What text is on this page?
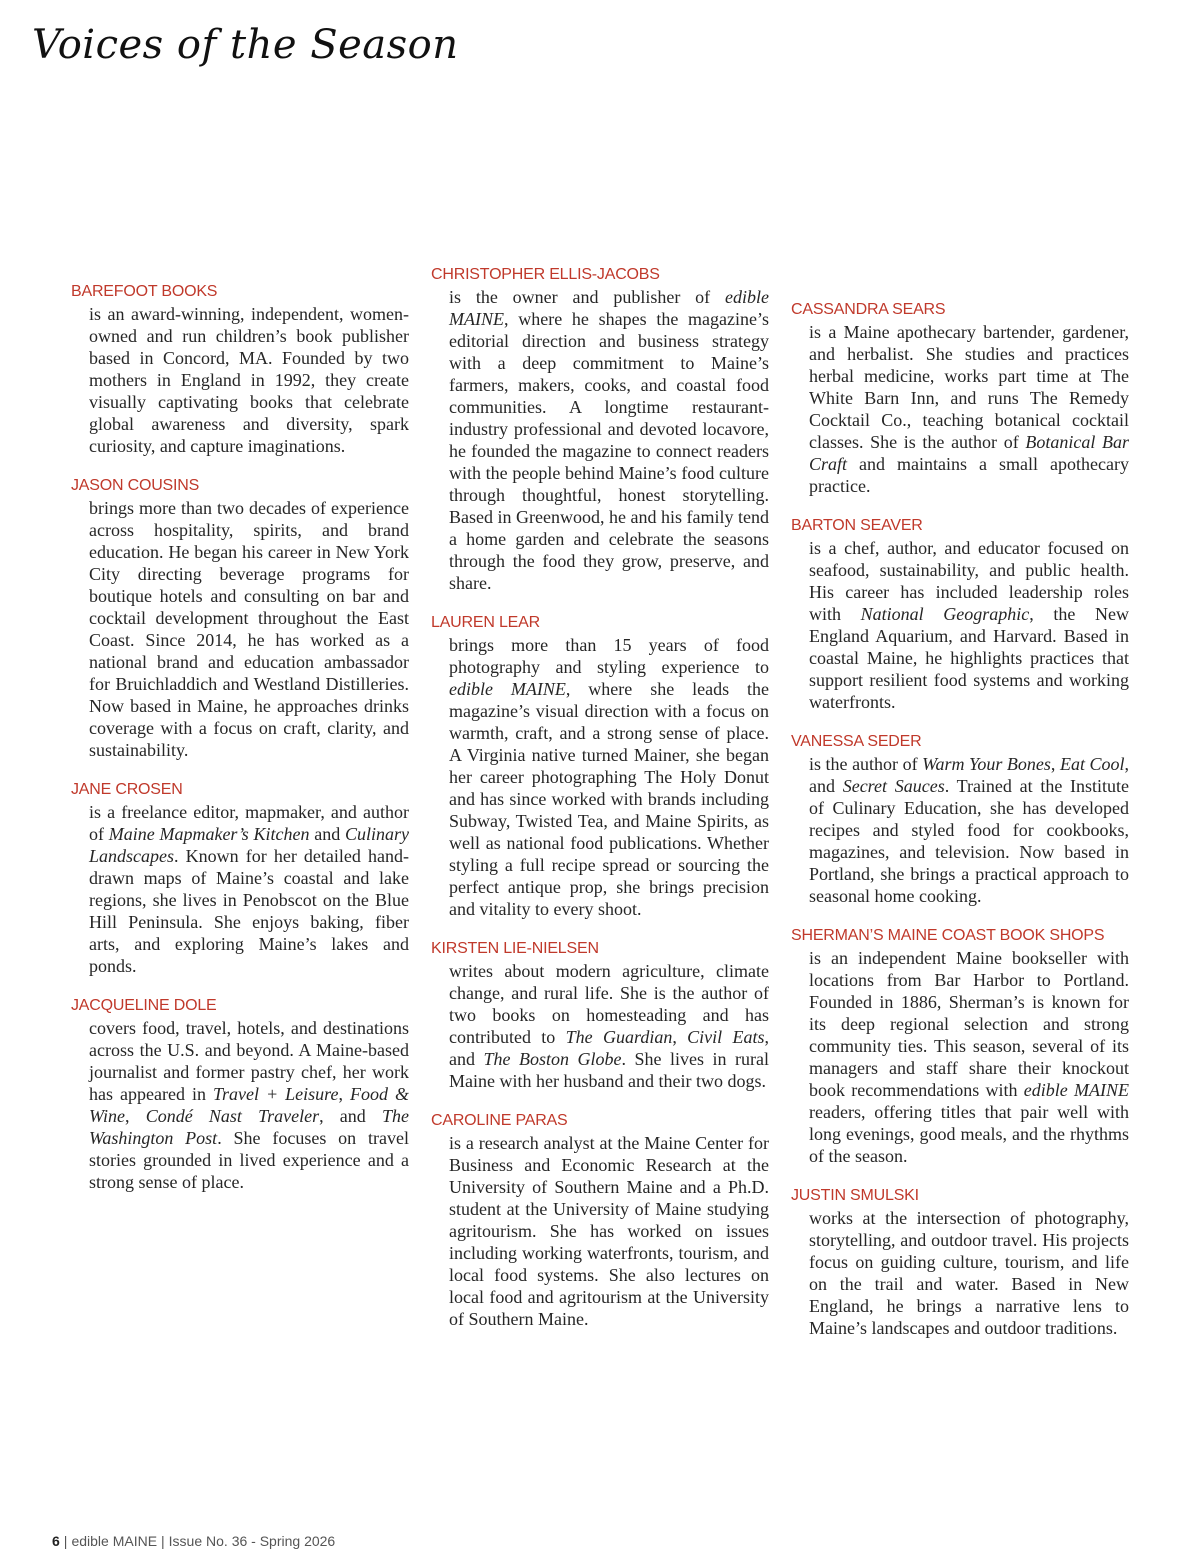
Voices of the Season
BAREFOOT BOOKS

is an award-winning, independent, women-owned and run children’s book publisher based in Concord, MA. Founded by two mothers in England in 1992, they create visually captivating books that celebrate global awareness and diversity, spark curiosity, and capture imaginations.

JASON COUSINS

brings more than two decades of experience across hospitality, spirits, and brand education. He began his career in New York City directing beverage programs for boutique hotels and consulting on bar and cocktail development throughout the East Coast. Since 2014, he has worked as a national brand and education ambassador for Bruichladdich and Westland Distilleries. Now based in Maine, he approaches drinks coverage with a focus on craft, clarity, and sustainability.

JANE CROSEN

is a freelance editor, mapmaker, and author of Maine Mapmaker’s Kitchen and Culinary Landscapes. Known for her detailed hand-drawn maps of Maine’s coastal and lake regions, she lives in Penobscot on the Blue Hill Peninsula. She enjoys baking, fiber arts, and exploring Maine’s lakes and ponds.

JACQUELINE DOLE

covers food, travel, hotels, and destinations across the U.S. and beyond. A Maine-based journalist and former pastry chef, her work has appeared in Travel + Leisure, Food & Wine, Condé Nast Traveler, and The Washington Post. She focuses on travel stories grounded in lived experience and a strong sense of place.

CHRISTOPHER ELLIS-JACOBS

is the owner and publisher of edible MAINE, where he shapes the magazine’s editorial direction and business strategy with a deep commitment to Maine’s farmers, makers, cooks, and coastal food communities. A longtime restaurant-industry professional and devoted locavore, he founded the magazine to connect readers with the people behind Maine’s food culture through thoughtful, honest storytelling. Based in Greenwood, he and his family tend a home garden and celebrate the seasons through the food they grow, preserve, and share.

LAUREN LEAR

brings more than 15 years of food photography and styling experience to edible MAINE, where she leads the magazine’s visual direction with a focus on warmth, craft, and a strong sense of place. A Virginia native turned Mainer, she began her career photographing The Holy Donut and has since worked with brands including Subway, Twisted Tea, and Maine Spirits, as well as national food publications. Whether styling a full recipe spread or sourcing the perfect antique prop, she brings precision and vitality to every shoot.

KIRSTEN LIE-NIELSEN

writes about modern agriculture, climate change, and rural life. She is the author of two books on homesteading and has contributed to The Guardian, Civil Eats, and The Boston Globe. She lives in rural Maine with her husband and their two dogs.

CAROLINE PARAS

is a research analyst at the Maine Center for Business and Economic Research at the University of Southern Maine and a Ph.D. student at the University of Maine studying agritourism. She has worked on issues including working waterfronts, tourism, and local food systems. She also lectures on local food and agritourism at the University of Southern Maine.

CASSANDRA SEARS

is a Maine apothecary bartender, gardener, and herbalist. She studies and practices herbal medicine, works part time at The White Barn Inn, and runs The Remedy Cocktail Co., teaching botanical cocktail classes. She is the author of Botanical Bar Craft and maintains a small apothecary practice.

BARTON SEAVER

is a chef, author, and educator focused on seafood, sustainability, and public health. His career has included leadership roles with National Geographic, the New England Aquarium, and Harvard. Based in coastal Maine, he highlights practices that support resilient food systems and working waterfronts.

VANESSA SEDER

is the author of Warm Your Bones, Eat Cool, and Secret Sauces. Trained at the Institute of Culinary Education, she has developed recipes and styled food for cookbooks, magazines, and television. Now based in Portland, she brings a practical approach to seasonal home cooking.

SHERMAN’S MAINE COAST BOOK SHOPS

is an independent Maine bookseller with locations from Bar Harbor to Portland. Founded in 1886, Sherman’s is known for its deep regional selection and strong community ties. This season, several of its managers and staff share their knockout book recommendations with edible MAINE readers, offering titles that pair well with long evenings, good meals, and the rhythms of the season.

JUSTIN SMULSKI

works at the intersection of photography, storytelling, and outdoor travel. His projects focus on guiding culture, tourism, and life on the trail and water. Based in New England, he brings a narrative lens to Maine’s landscapes and outdoor traditions.

6 | edible MAINE | Issue No. 36 - Spring 2026
